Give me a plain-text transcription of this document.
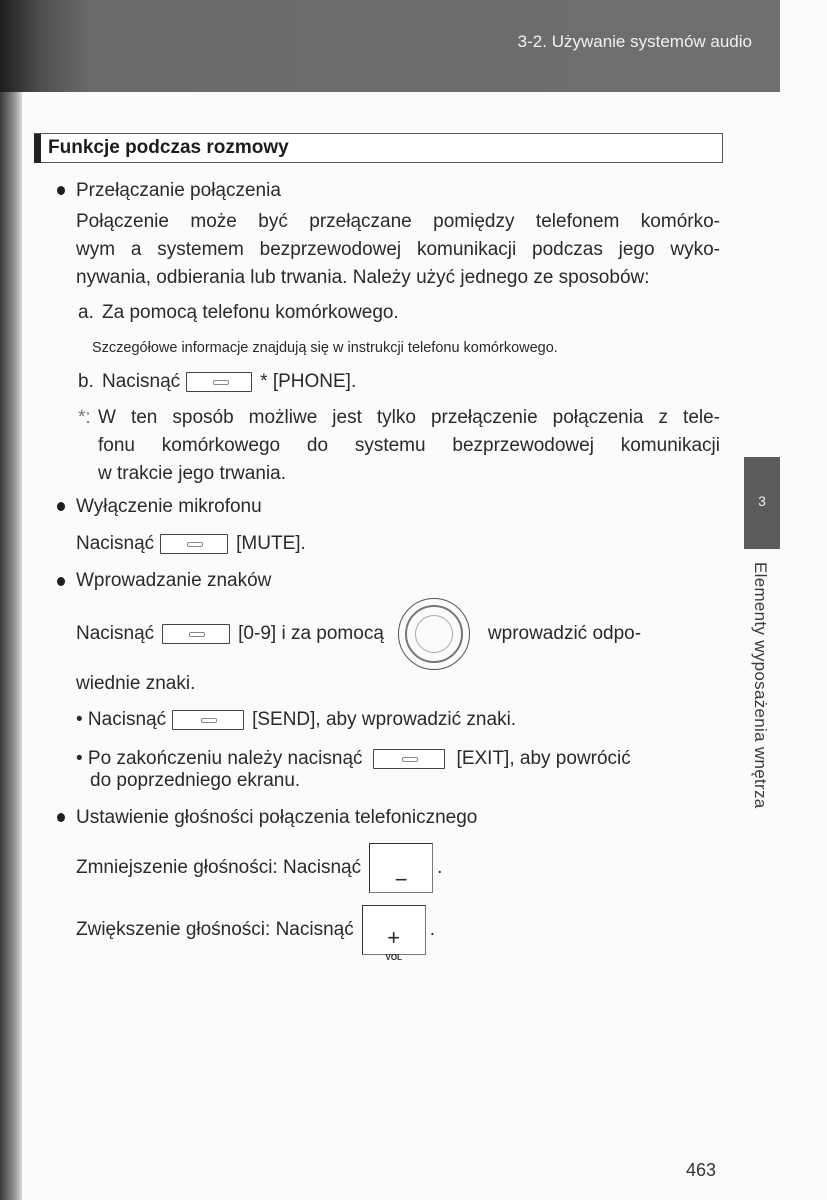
3-2. Używanie systemów audio
Funkcje podczas rozmowy
Przełączanie połączenia
Połączenie może być przełączane pomiędzy telefonem komórko-
wym a systemem bezprzewodowej komunikacji podczas jego wyko-
nywania, odbierania lub trwania. Należy użyć jednego ze sposobów:
a. Za pomocą telefonu komórkowego.
Szczegółowe informacje znajdują się w instrukcji telefonu komórkowego.
b. Nacisnąć	* [PHONE].
*: W ten sposób możliwe jest tylko przełączenie połączenia z tele-
fonu komórkowego do systemu bezprzewodowej komunikacji
w trakcie jego trwania.
Wyłączenie mikrofonu
Nacisnąć	[MUTE].
Wprowadzanie znaków
Nacisnąć	[0-9] i za pomocą	wprowadzić odpo-
wiednie znaki.
• Nacisnąć	[SEND], aby wprowadzić znaki.
• Po zakończeniu należy nacisnąć	[EXIT], aby powrócić
do poprzedniego ekranu.
Ustawienie głośności połączenia telefonicznego
Zmniejszenie głośności: Nacisnąć	−	.
Zwiększenie głośności: Nacisnąć	+
VOL
.
3
Elementy wyposażenia wnętrza
463
